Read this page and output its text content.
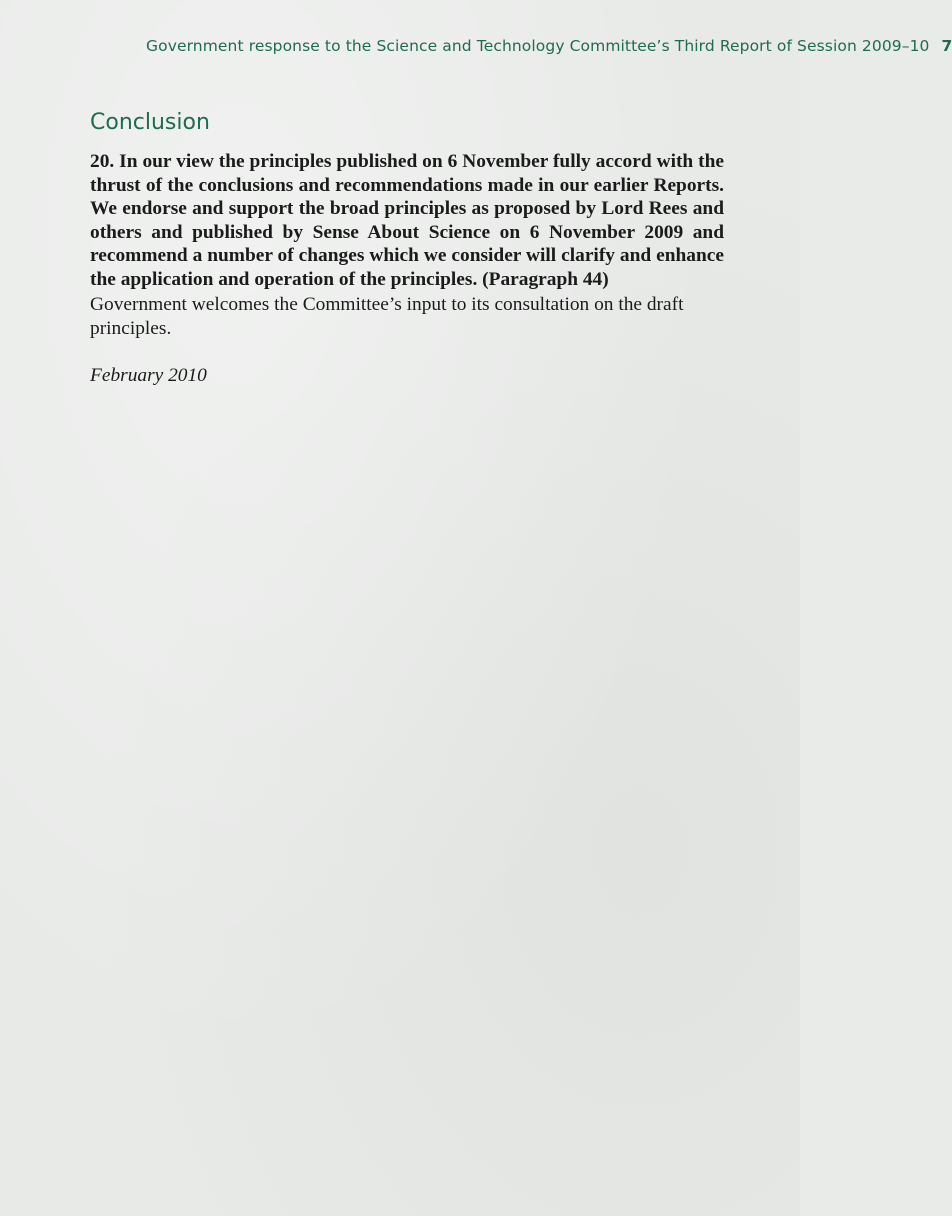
Government response to the Science and Technology Committee’s Third Report of Session 2009–10 7
Conclusion

20. In our view the principles published on 6 November fully accord with the thrust of the conclusions and recommendations made in our earlier Reports. We endorse and support the broad principles as proposed by Lord Rees and others and published by Sense About Science on 6 November 2009 and recommend a number of changes which we consider will clarify and enhance the application and operation of the principles. (Paragraph 44)

Government welcomes the Committee’s input to its consultation on the draft principles.

February 2010
